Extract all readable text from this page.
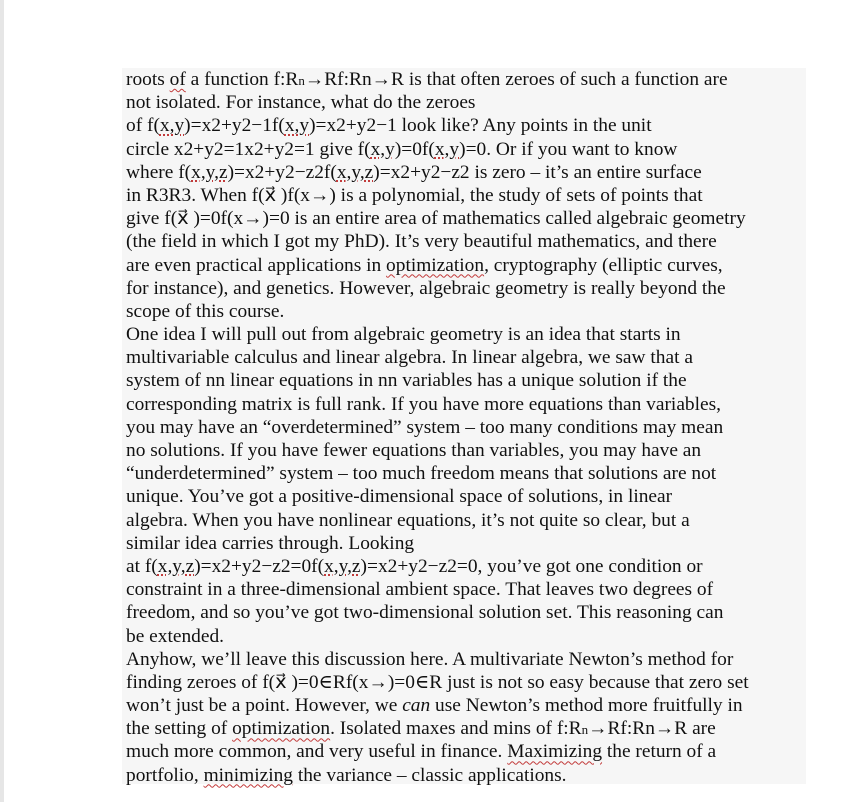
roots of a function f:Rn→Rf:Rn→R is that often zeroes of such a function are
not isolated. For instance, what do the zeroes
of f(x,y)=x2+y2−1f(x,y)=x2+y2−1 look like? Any points in the unit
circle x2+y2=1x2+y2=1 give f(x,y)=0f(x,y)=0. Or if you want to know
where f(x,y,z)=x2+y2−z2f(x,y,z)=x2+y2−z2 is zero – it’s an entire surface
in R3R3. When f(x⃗ )f(x→) is a polynomial, the study of sets of points that
give f(x⃗ )=0f(x→)=0 is an entire area of mathematics called algebraic geometry
(the field in which I got my PhD). It’s very beautiful mathematics, and there
are even practical applications in optimization, cryptography (elliptic curves,
for instance), and genetics. However, algebraic geometry is really beyond the
scope of this course.
One idea I will pull out from algebraic geometry is an idea that starts in
multivariable calculus and linear algebra. In linear algebra, we saw that a
system of nn linear equations in nn variables has a unique solution if the
corresponding matrix is full rank. If you have more equations than variables,
you may have an “overdetermined” system – too many conditions may mean
no solutions. If you have fewer equations than variables, you may have an
“underdetermined” system – too much freedom means that solutions are not
unique. You’ve got a positive-dimensional space of solutions, in linear
algebra. When you have nonlinear equations, it’s not quite so clear, but a
similar idea carries through. Looking
at f(x,y,z)=x2+y2−z2=0f(x,y,z)=x2+y2−z2=0, you’ve got one condition or
constraint in a three-dimensional ambient space. That leaves two degrees of
freedom, and so you’ve got two-dimensional solution set. This reasoning can
be extended.
Anyhow, we’ll leave this discussion here. A multivariate Newton’s method for
finding zeroes of f(x⃗ )=0∈Rf(x→)=0∈R just is not so easy because that zero set
won’t just be a point. However, we can use Newton’s method more fruitfully in
the setting of optimization. Isolated maxes and mins of f:Rn→Rf:Rn→R are
much more common, and very useful in finance. Maximizing the return of a
portfolio, minimizing the variance – classic applications.
